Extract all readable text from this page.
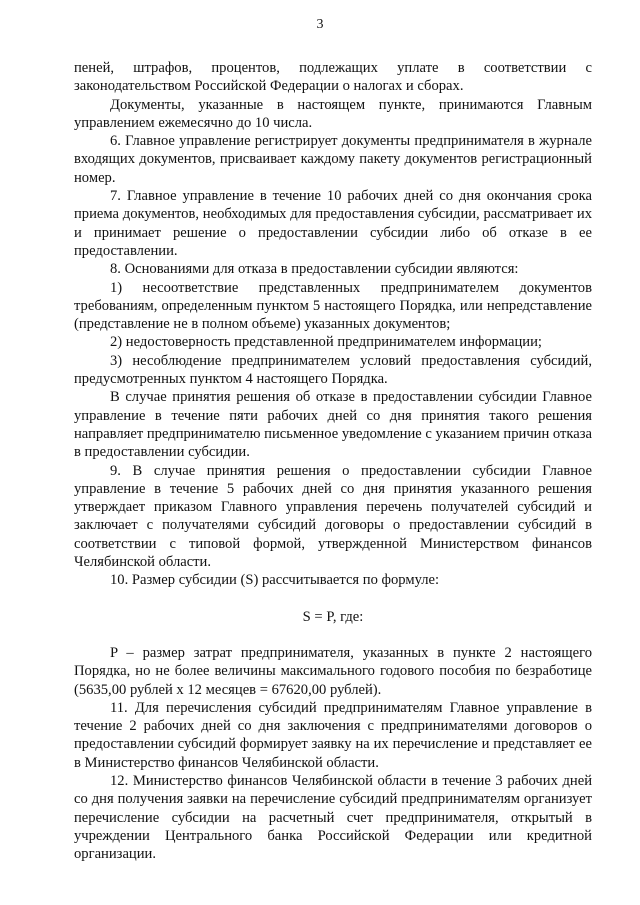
3

пеней, штрафов, процентов, подлежащих уплате в соответствии с законодательством Российской Федерации о налогах и сборах.

Документы, указанные в настоящем пункте, принимаются Главным управлением ежемесячно до 10 числа.

6. Главное управление регистрирует документы предпринимателя в журнале входящих документов, присваивает каждому пакету документов регистрационный номер.

7. Главное управление в течение 10 рабочих дней со дня окончания срока приема документов, необходимых для предоставления субсидии, рассматривает их и принимает решение о предоставлении субсидии либо об отказе в ее предоставлении.

8. Основаниями для отказа в предоставлении субсидии являются:

1) несоответствие представленных предпринимателем документов требованиям, определенным пунктом 5 настоящего Порядка, или непредставление (представление не в полном объеме) указанных документов;

2) недостоверность представленной предпринимателем информации;

3) несоблюдение предпринимателем условий предоставления субсидий, предусмотренных пунктом 4 настоящего Порядка.

В случае принятия решения об отказе в предоставлении субсидии Главное управление в течение пяти рабочих дней со дня принятия такого решения направляет предпринимателю письменное уведомление с указанием причин отказа в предоставлении субсидии.

9. В случае принятия решения о предоставлении субсидии Главное управление в течение 5 рабочих дней со дня принятия указанного решения утверждает приказом Главного управления перечень получателей субсидий и заключает с получателями субсидий договоры о предоставлении субсидий в соответствии с типовой формой, утвержденной Министерством финансов Челябинской области.

10. Размер субсидии (S) рассчитывается по формуле:

S = P, где:

P – размер затрат предпринимателя, указанных в пункте 2 настоящего Порядка, но не более величины максимального годового пособия по безработице (5635,00 рублей х 12 месяцев = 67620,00 рублей).

11. Для перечисления субсидий предпринимателям Главное управление в течение 2 рабочих дней со дня заключения с предпринимателями договоров о предоставлении субсидий формирует заявку на их перечисление и представляет ее в Министерство финансов Челябинской области.

12. Министерство финансов Челябинской области в течение 3 рабочих дней со дня получения заявки на перечисление субсидий предпринимателям организует перечисление субсидии на расчетный счет предпринимателя, открытый в учреждении Центрального банка Российской Федерации или кредитной организации.
